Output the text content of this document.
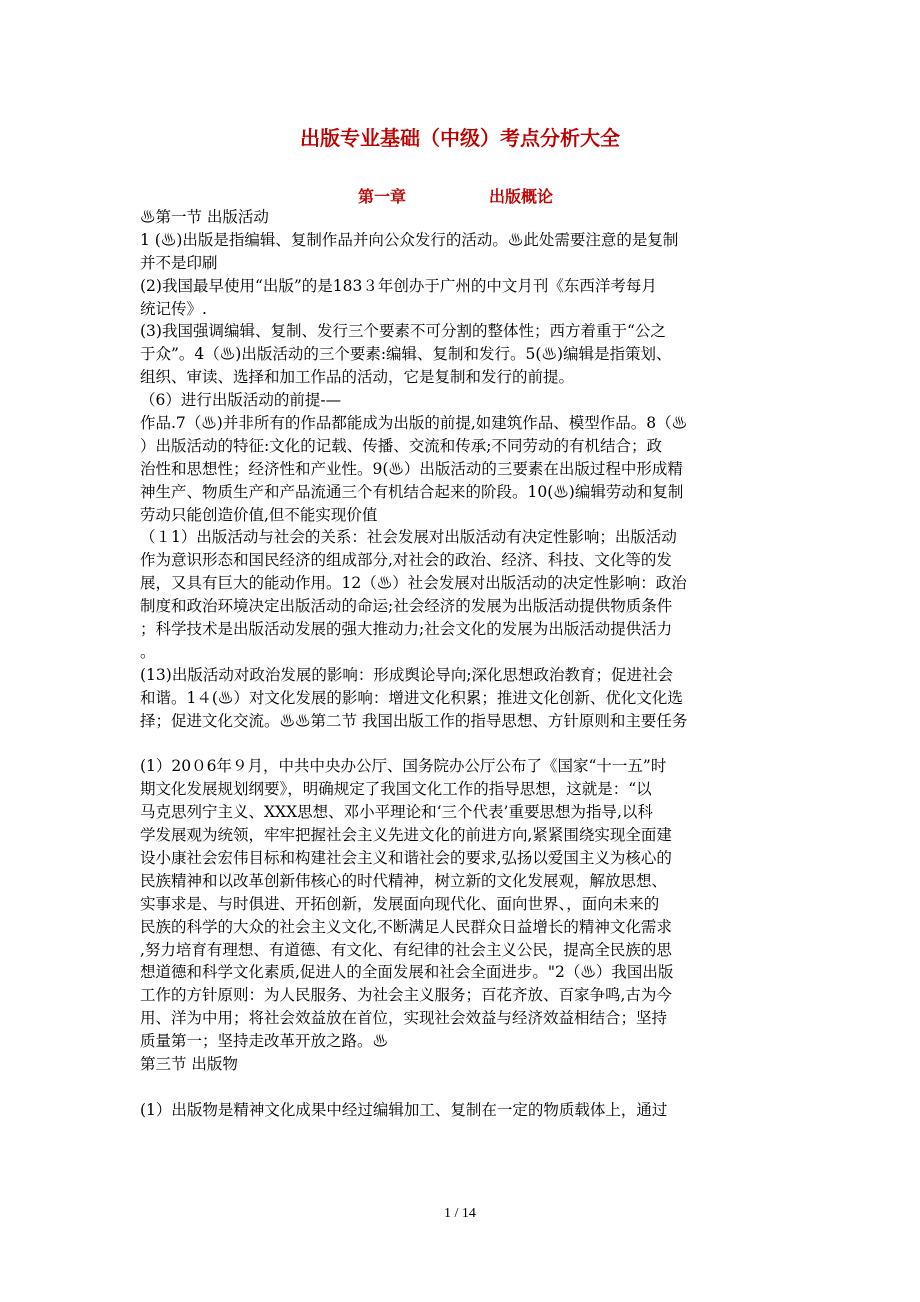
出版专业基础（中级）考点分析大全
第一章	出版概论
♨第一节 出版活动
1 (♨)出版是指编辑、复制作品并向公众发行的活动。♨此处需要注意的是复制
并不是印刷
(2)我国最早使用“出版”的是183３年创办于广州的中文月刊《东西洋考每月
统记传》.
(3)我国强调编辑、复制、发行三个要素不可分割的整体性；西方着重于“公之
于众”。4（♨)出版活动的三个要素:编辑、复制和发行。5(♨)编辑是指策划、
组织、审读、选择和加工作品的活动，它是复制和发行的前提。
（6）进行出版活动的前提-—
作品.7（♨)并非所有的作品都能成为出版的前提,如建筑作品、模型作品。8（♨
）出版活动的特征:文化的记载、传播、交流和传承;不同劳动的有机结合；政
治性和思想性；经济性和产业性。9(♨）出版活动的三要素在出版过程中形成精
神生产、物质生产和产品流通三个有机结合起来的阶段。10(♨)编辑劳动和复制
劳动只能创造价值,但不能实现价值
（１1）出版活动与社会的关系：社会发展对出版活动有决定性影响；出版活动
作为意识形态和国民经济的组成部分,对社会的政治、经济、科技、文化等的发
展，又具有巨大的能动作用。12（♨）社会发展对出版活动的决定性影响：政治
制度和政治环境决定出版活动的命运;社会经济的发展为出版活动提供物质条件
；科学技术是出版活动发展的强大推动力;社会文化的发展为出版活动提供活力
。
(13)出版活动对政治发展的影响：形成舆论导向;深化思想政治教育；促进社会
和谐。1４(♨）对文化发展的影响：增进文化积累；推进文化创新、优化文化选
择；促进文化交流。♨♨第二节 我国出版工作的指导思想、方针原则和主要任务
(1）20０6年９月，中共中央办公厅、国务院办公厅公布了《国家“十一五”时
期文化发展规划纲要》，明确规定了我国文化工作的指导思想，这就是：“以
马克思列宁主义、XXX思想、邓小平理论和‘三个代表’重要思想为指导,以科
学发展观为统领，牢牢把握社会主义先进文化的前进方向,紧紧围绕实现全面建
设小康社会宏伟目标和构建社会主义和谐社会的要求,弘扬以爱国主义为核心的
民族精神和以改革创新伟核心的时代精神，树立新的文化发展观，解放思想、
实事求是、与时俱进、开拓创新，发展面向现代化、面向世界、，面向未来的
民族的科学的大众的社会主义文化,不断满足人民群众日益增长的精神文化需求
,努力培育有理想、有道德、有文化、有纪律的社会主义公民，提高全民族的思
想道德和科学文化素质,促进人的全面发展和社会全面进步。"2（♨）我国出版
工作的方针原则：为人民服务、为社会主义服务；百花齐放、百家争鸣,古为今
用、洋为中用；将社会效益放在首位，实现社会效益与经济效益相结合；坚持
质量第一；坚持走改革开放之路。♨
第三节 出版物
(1）出版物是精神文化成果中经过编辑加工、复制在一定的物质载体上，通过
1 / 14
